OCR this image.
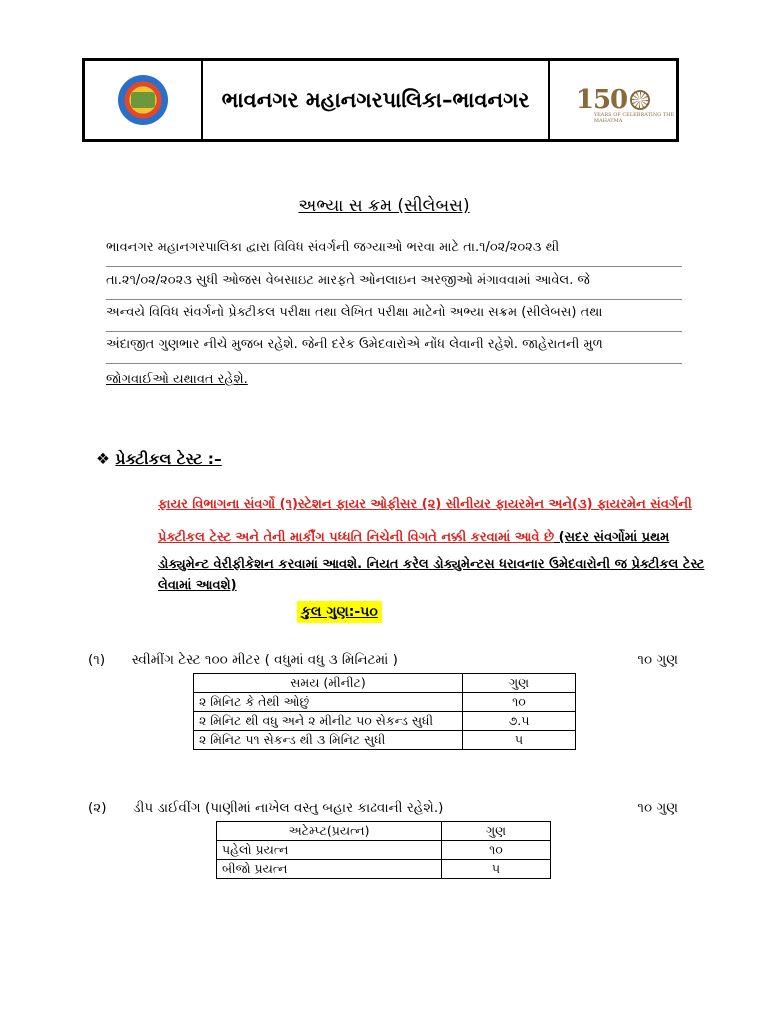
ભાવનગર મહાનગરપાલિકા–ભાવનગર	150
YEARS OF CELEBRATING THE MAHATMA
અભ્યા સ ક્રમ (સીલેબસ)
ભાવનગર મહાનગરપાલિકા દ્વારા વિવિધ સંવર્ગની જગ્યાઓ ભરવા માટે તા.૧/૦૨/૨૦૨૩ થી
તા.૨૧/૦૨/૨૦૨૩ સુધી ઓજસ વેબસાઇટ મારફતે ઓનલાઇન અરજીઓ મંગાવવામાં આવેલ. જે
અન્વયે વિવિધ સંવર્ગનો પ્રેક્ટીકલ પરીક્ષા તથા લેખિત પરીક્ષા માટેનો અભ્યા સક્રમ (સીલેબસ) તથા
અંદાજીત ગુણભાર નીચે મુજબ રહેશે. જેની દરેક ઉમેદવારોએ નોંધ લેવાની રહેશે. જાહેરાતની મુળ
જોગવાઈઓ યથાવત રહેશે.
❖ પ્રેક્ટીકલ ટેસ્ટ :–
ફાયર વિભાગના સંવર્ગો (૧)સ્ટેશન ફાયર ઓફીસર (૨) સીનીયર ફાયરમેન અને(૩) ફાયરમેન સંવર્ગની
પ્રેક્ટીકલ ટેસ્ટ અને તેની માર્કીંગ પધ્ધતિ નિચેની વિગતે નક્કી કરવામાં આવે છે (સદર સંવર્ગોમાં પ્રથમ
ડોક્યુમેન્ટ વેરીફીકેશન કરવામાં આવશે. નિયત કરેલ ડોક્યુમેન્ટસ ધરાવનાર ઉમેદવારોની જ પ્રેક્ટીકલ ટેસ્ટ
લેવામાં આવશે)
કુલ ગુણ:-૫૦
(૧) સ્વીમીંગ ટેસ્ટ ૧૦૦ મીટર ( વધુમાં વધુ ૩ મિનિટમાં )	૧૦ ગુણ
સમય (મીનીટ)	ગુણ
૨ મિનિટ કે તેથી ઓછું	૧૦
૨ મિનિટ થી વધુ અને ૨ મીનીટ ૫૦ સેકન્ડ સુધી	૭.૫
૨ મિનિટ ૫૧ સેકન્ડ થી ૩ મિનિટ સુધી	૫
(૨) ડીપ ડાઈવીંગ (પાણીમાં નાખેલ વસ્તુ બહાર કાઢવાની રહેશે.)	૧૦ ગુણ
અટેમ્પ્ટ(પ્રયત્ન)	ગુણ
પહેલો પ્રયત્ન	૧૦
બીજો પ્રયત્ન	૫
